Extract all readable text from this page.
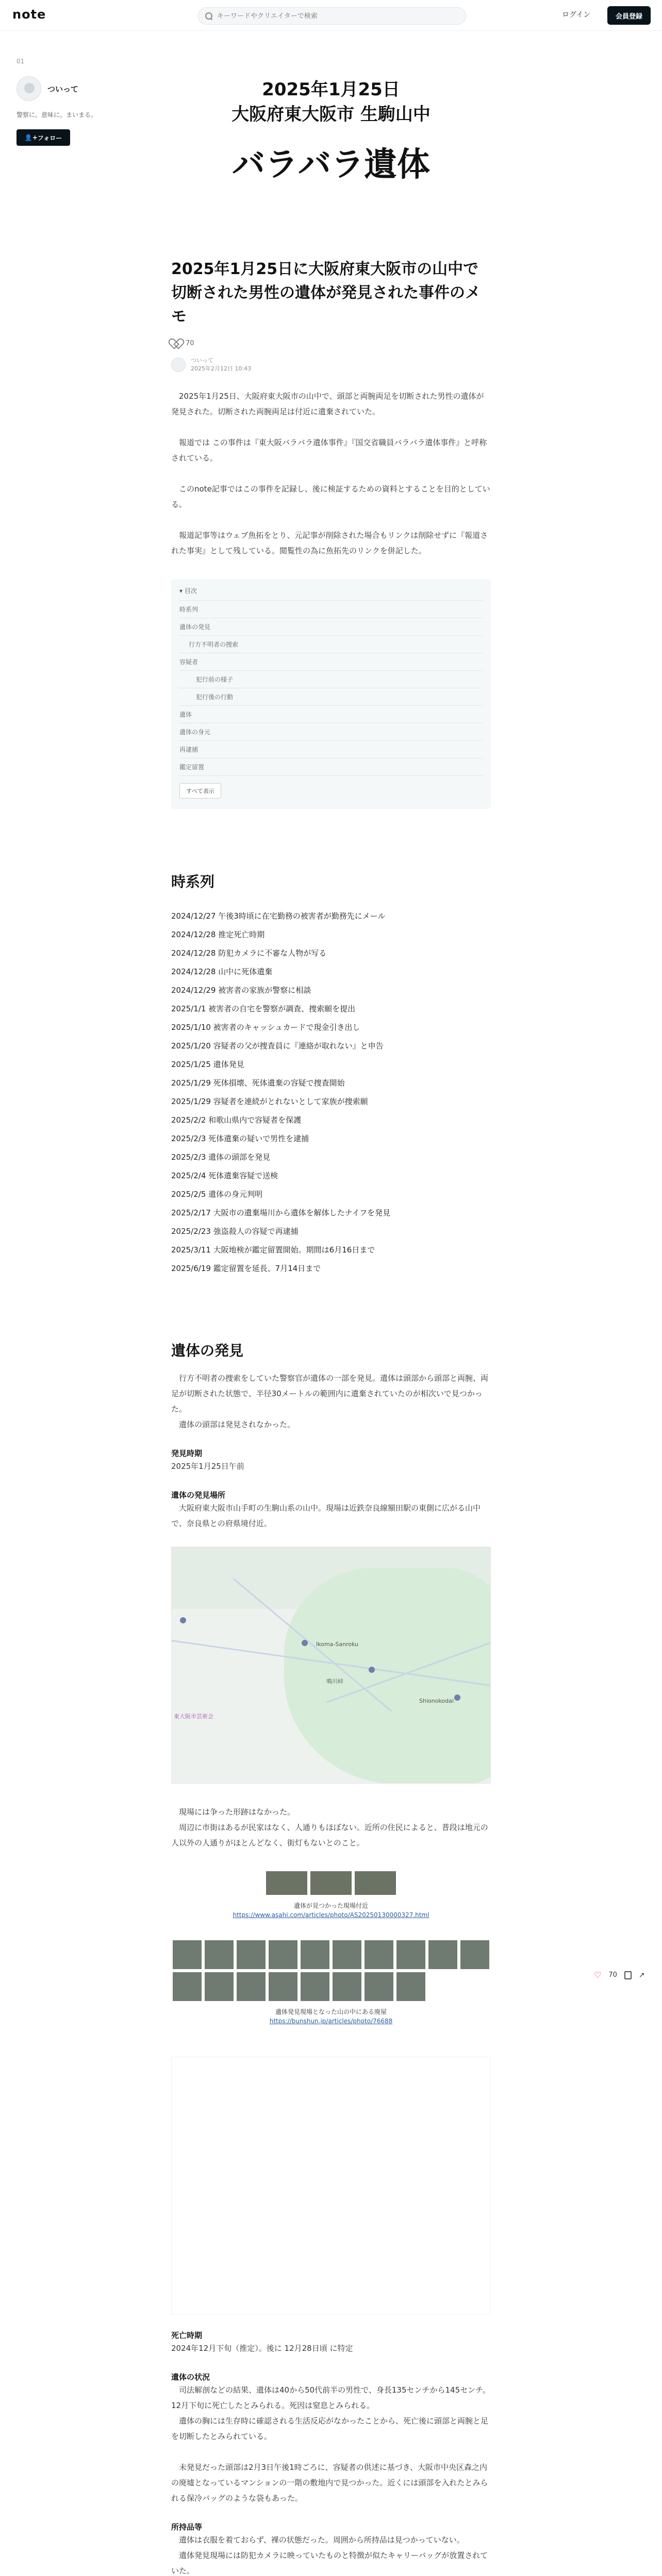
note
キーワードやクリエイターで検索	ログイン	会員登録
01
ついって
警察に。意味に。まいまる。
👤+ フォロー
2025年1月25日
大阪府東大阪市 生駒山中
バラバラ遺体
2025年1月25日に大阪府東大阪市の山中で切断された男性の遺体が発見された事件のメモ
70
ついって
2025年2月12日 10:43

2025年1月25日、大阪府東大阪市の山中で、頭部と両腕両足を切断された男性の遺体が発見された。切断された両腕両足は付近に遺棄されていた。

報道では この事件は『東大阪バラバラ遺体事件』『国交省職員バラバラ遺体事件』と呼称されている。

このnote記事ではこの事件を記録し、後に検証するための資料とすることを目的としている。

報道記事等はウェブ魚拓をとり、元記事が削除された場合もリンクは削除せずに『報道された事実』として残している。閲覧性の為に魚拓先のリンクを併記した。

▾ 目次
時系列
遺体の発見
行方不明者の捜索
容疑者
犯行前の様子
犯行後の行動
遺体
遺体の身元
再逮捕
鑑定留置
すべて表示
時系列
2024/12/27 午後3時頃に在宅勤務の被害者が勤務先にメール
2024/12/28 推定死亡時期
2024/12/28 防犯カメラに不審な人物が写る
2024/12/28 山中に死体遺棄
2024/12/29 被害者の家族が警察に相談
2025/1/1 被害者の自宅を警察が調査、捜索願を提出
2025/1/10 被害者のキャッシュカードで現金引き出し
2025/1/20 容疑者の父が捜査員に『連絡が取れない』と申告
2025/1/25 遺体発見
2025/1/29 死体損壊、死体遺棄の容疑で捜査開始
2025/1/29 容疑者を連続がとれないとして家族が捜索願
2025/2/2 和歌山県内で容疑者を保護
2025/2/3 死体遺棄の疑いで男性を逮捕
2025/2/3 遺体の頭部を発見
2025/2/4 死体遺棄容疑で送検
2025/2/5 遺体の身元判明
2025/2/17 大阪市の遺棄場川から遺体を解体したナイフを発見
2025/2/23 強盗殺人の容疑で再逮捕
2025/3/11 大阪地検が鑑定留置開始。期間は6月16日まで
2025/6/19 鑑定留置を延長、7月14日まで
遺体の発見

行方不明者の捜索をしていた警察官が遺体の一部を発見。遺体は頭部から頭部と両腕、両足が切断された状態で、半径30メートルの範囲内に遺棄されていたのが相次いで見つかった。

遺体の頭部は発見されなかった。

発見時期

2025年1月25日午前

遺体の発見場所

大阪府東大阪市山手町の生駒山系の山中。現場は近鉄奈良線額田駅の東側に広がる山中で、奈良県との府県境付近。

Ikoma-Sanroku
Shionokodai
鳴川峠
東大阪市芸術会

現場には争った形跡はなかった。

周辺に市街はあるが民家はなく、人通りもほぼない。近所の住民によると、普段は地元の人以外の人通りがほとんどなく、街灯もないとのこと。

遺体が見つかった現場付近
https://www.asahi.com/articles/photo/AS20250130000327.html
遺体発見現場となった山の中にある廃屋
https://bunshun.jp/articles/photo/76688
死亡時期

2024年12月下旬（推定）。後に 12月28日頃 に特定

遺体の状況

司法解剖などの結果、遺体は40から50代前半の男性で、身長135センチから145センチ。12月下旬に死亡したとみられる。死因は窒息とみられる。

遺体の胸には生存時に確認される生活反応がなかったことから、死亡後に頭部と両腕と足を切断したとみられている。

未発見だった頭部は2月3日午後1時ごろに、容疑者の供述に基づき、大阪市中央区森之内の廃墟となっているマンションの一階の敷地内で見つかった。近くには頭部を入れたとみられる保冷バッグのような袋もあった。

所持品等

遺体は衣服を着ておらず、裸の状態だった。周囲から所持品は見つかっていない。

遺体発見現場には防犯カメラに映っていたものと特徴が似たキャリーバッグが放置されていた。

♡ 70	↗
